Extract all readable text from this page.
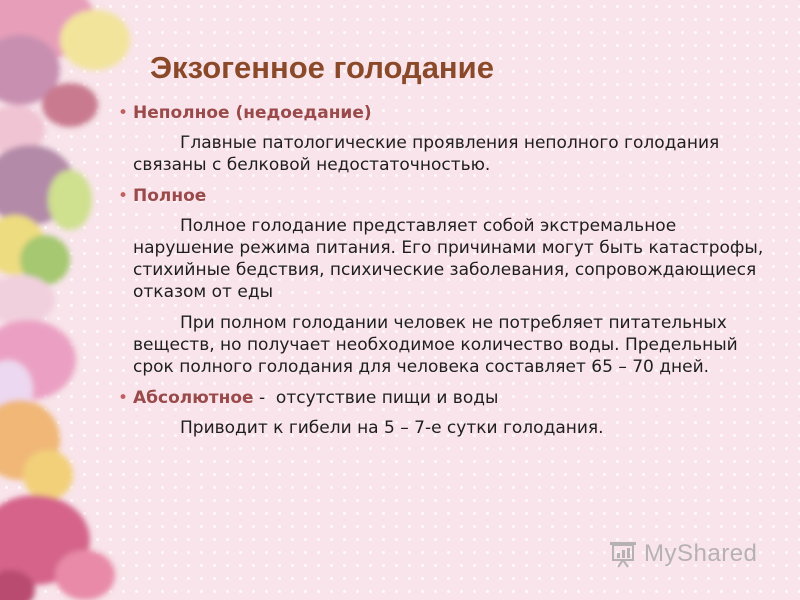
Экзогенное голодание
• Неполное (недоедание)
Главные патологические проявления неполного голодания связаны с белковой недостаточностью.
• Полное
Полное голодание представляет собой экстремальное нарушение режима питания. Его причинами могут быть катастрофы, стихийные бедствия, психические заболевания, сопровождающиеся отказом от еды
При полном голодании человек не потребляет питательных веществ, но получает необходимое количество воды. Предельный срок полного голодания для человека составляет 65 – 70 дней.
• Абсолютное -  отсутствие пищи и воды
Приводит к гибели на 5 – 7-е сутки голодания.
MyShared
